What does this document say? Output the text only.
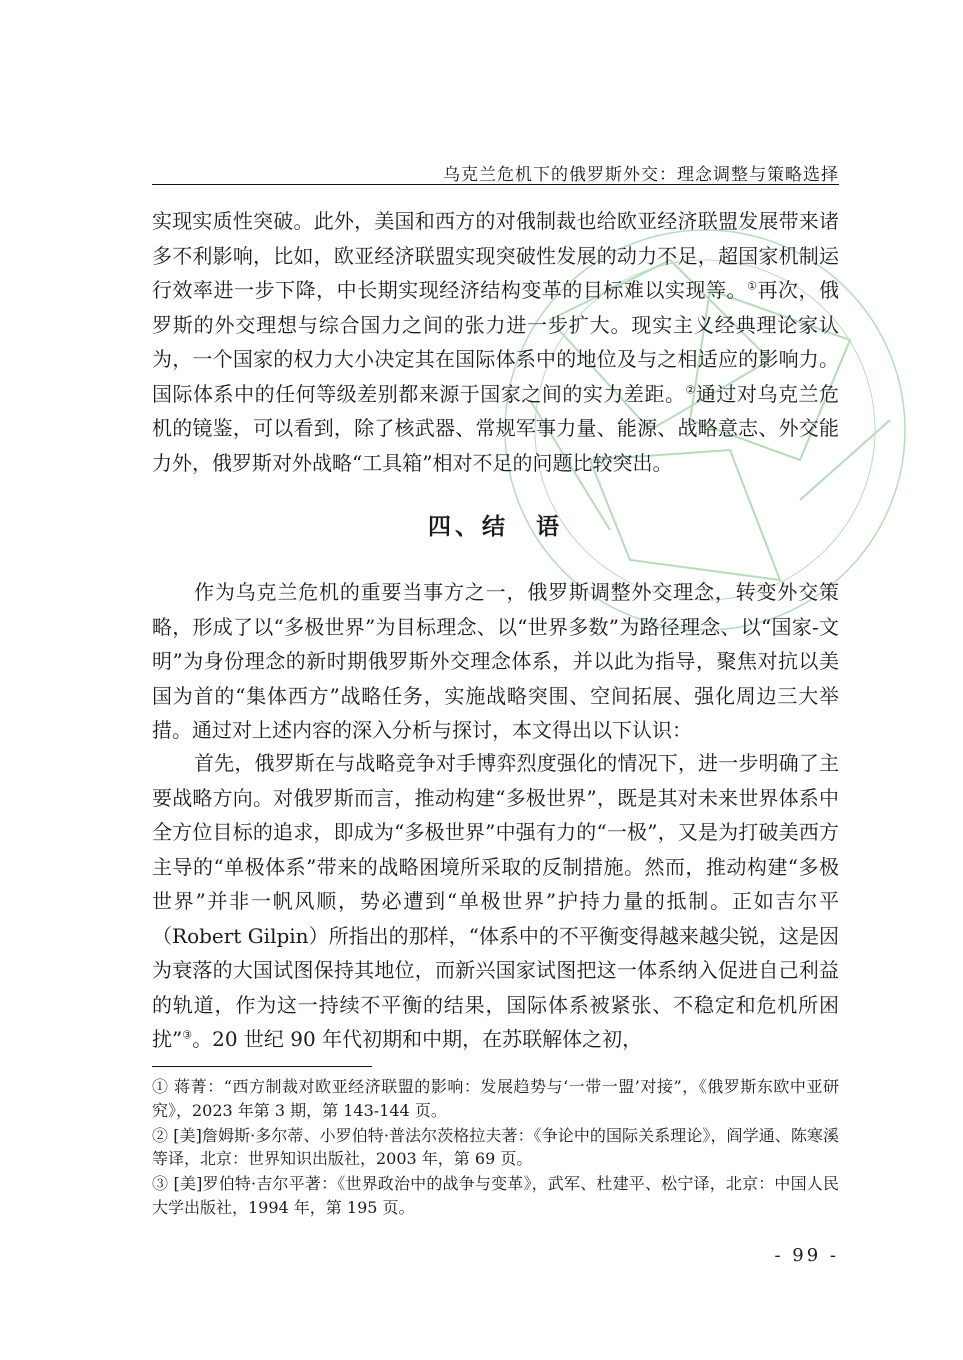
乌克兰危机下的俄罗斯外交：理念调整与策略选择

实现实质性突破。此外，美国和西方的对俄制裁也给欧亚经济联盟发展带来诸多不利影响，比如，欧亚经济联盟实现突破性发展的动力不足，超国家机制运行效率进一步下降，中长期实现经济结构变革的目标难以实现等。①再次，俄罗斯的外交理想与综合国力之间的张力进一步扩大。现实主义经典理论家认为，一个国家的权力大小决定其在国际体系中的地位及与之相适应的影响力。国际体系中的任何等级差别都来源于国家之间的实力差距。②通过对乌克兰危机的镜鉴，可以看到，除了核武器、常规军事力量、能源、战略意志、外交能力外，俄罗斯对外战略“工具箱”相对不足的问题比较突出。

四、结　语

作为乌克兰危机的重要当事方之一，俄罗斯调整外交理念，转变外交策略，形成了以“多极世界”为目标理念、以“世界多数”为路径理念、以“国家-文明”为身份理念的新时期俄罗斯外交理念体系，并以此为指导，聚焦对抗以美国为首的“集体西方”战略任务，实施战略突围、空间拓展、强化周边三大举措。通过对上述内容的深入分析与探讨，本文得出以下认识：

首先，俄罗斯在与战略竞争对手博弈烈度强化的情况下，进一步明确了主要战略方向。对俄罗斯而言，推动构建“多极世界”，既是其对未来世界体系中全方位目标的追求，即成为“多极世界”中强有力的“一极”，又是为打破美西方主导的“单极体系”带来的战略困境所采取的反制措施。然而，推动构建“多极世界”并非一帆风顺，势必遭到“单极世界”护持力量的抵制。正如吉尔平（Robert Gilpin）所指出的那样，“体系中的不平衡变得越来越尖锐，这是因为衰落的大国试图保持其地位，而新兴国家试图把这一体系纳入促进自己利益的轨道，作为这一持续不平衡的结果，国际体系被紧张、不稳定和危机所困扰”③。20 世纪 90 年代初期和中期，在苏联解体之初，

① 蒋菁：“西方制裁对欧亚经济联盟的影响：发展趋势与‘一带一盟’对接”，《俄罗斯东欧中亚研究》，2023 年第 3 期，第 143-144 页。

② [美]詹姆斯·多尔蒂、小罗伯特·普法尔茨格拉夫著：《争论中的国际关系理论》，阎学通、陈寒溪等译，北京：世界知识出版社，2003 年，第 69 页。

③ [美]罗伯特·吉尔平著：《世界政治中的战争与变革》，武军、杜建平、松宁译，北京：中国人民大学出版社，1994 年，第 195 页。

- 99 -
